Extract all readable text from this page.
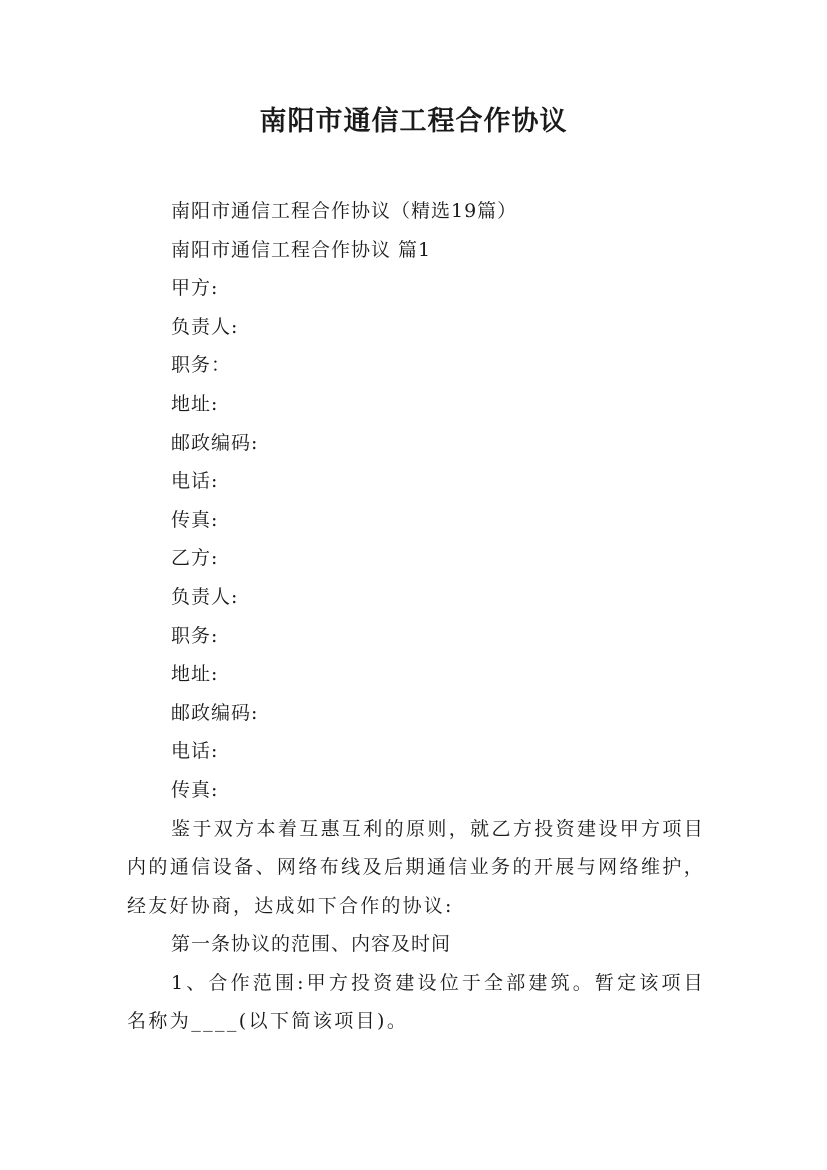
南阳市通信工程合作协议

南阳市通信工程合作协议（精选19篇）

南阳市通信工程合作协议 篇1

甲方:

负责人:

职务：

地址:

邮政编码:

电话:

传真:

乙方:

负责人:

职务:

地址:

邮政编码:

电话:

传真:

鉴于双方本着互惠互利的原则，就乙方投资建设甲方项目内的通信设备、网络布线及后期通信业务的开展与网络维护，经友好协商，达成如下合作的协议:

第一条协议的范围、内容及时间

1、合作范围:甲方投资建设位于全部建筑。暂定该项目名称为____(以下简该项目)。
